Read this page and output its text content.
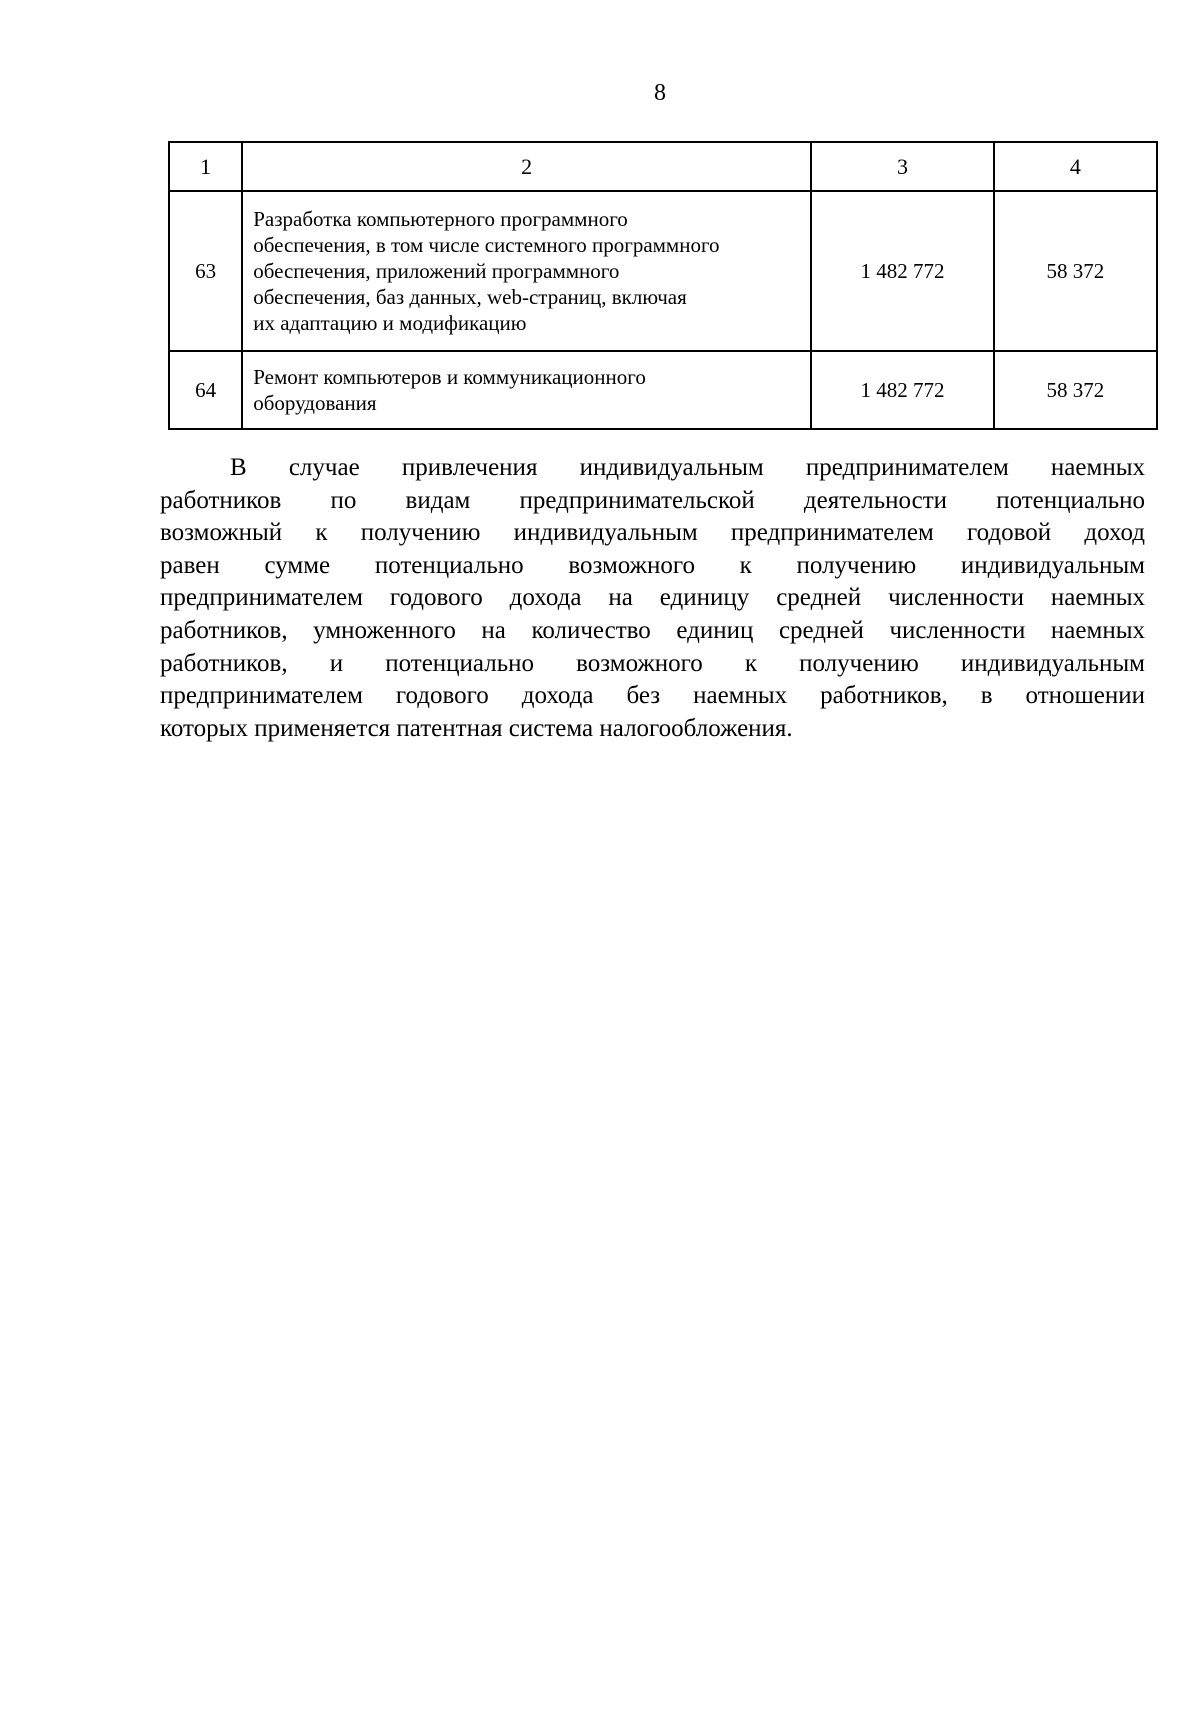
8
1	2	3	4
63	Разработка компьютерного программного
обеспечения, в том числе системного программного
обеспечения, приложений программного
обеспечения, баз данных, web-страниц, включая
их адаптацию и модификацию	1 482 772	58 372
64	Ремонт компьютеров и коммуникационного
оборудования	1 482 772	58 372
В случае привлечения индивидуальным предпринимателем наемных
работников по видам предпринимательской деятельности потенциально
возможный к получению индивидуальным предпринимателем годовой доход
равен сумме потенциально возможного к получению индивидуальным
предпринимателем годового дохода на единицу средней численности наемных
работников, умноженного на количество единиц средней численности наемных
работников, и потенциально возможного к получению индивидуальным
предпринимателем годового дохода без наемных работников, в отношении
которых применяется патентная система налогообложения.
